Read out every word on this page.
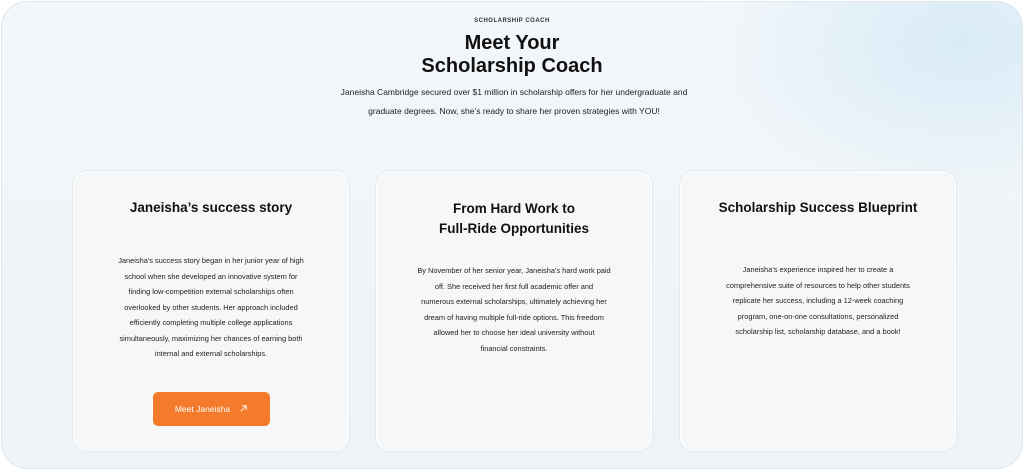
SCHOLARSHIP COACH
Meet Your
Scholarship Coach

Janeisha Cambridge secured over $1 million in scholarship offers for her undergraduate and
graduate degrees. Now, she’s ready to share her proven strategies with YOU!

Janeisha’s success story

Janeisha’s success story began in her junior year of high
school when she developed an innovative system for
finding low-competition external scholarships often
overlooked by other students. Her approach included
efficiently completing multiple college applications
simultaneously, maximizing her chances of earning both
internal and external scholarships.

Meet Janeisha
From Hard Work to
Full-Ride Opportunities

By November of her senior year, Janeisha’s hard work paid
off. She received her first full academic offer and
numerous external scholarships, ultimately achieving her
dream of having multiple full-ride options. This freedom
allowed her to choose her ideal university without
financial constraints.

Scholarship Success Blueprint

Janeisha’s experience inspired her to create a
comprehensive suite of resources to help other students
replicate her success, including a 12-week coaching
program, one-on-one consultations, personalized
scholarship list, scholarship database, and a book!
